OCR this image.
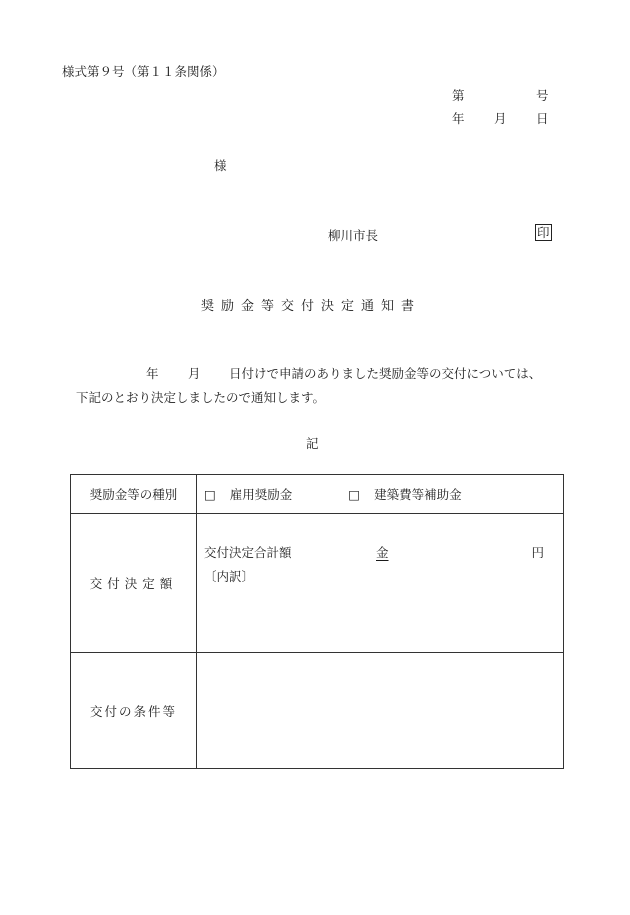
様式第９号（第１１条関係）
第	号
年 月 日
様
柳川市長	印
奨励金等交付決定通知書
年 月 日付けで申請のありました奨励金等の交付については、
下記のとおり決定しましたので通知します。
記
奨励金等の種別	□ 雇用奨励金 □ 建築費等補助金
交付決定額	交付決定合計額 金 円
〔内訳〕

交付の条件等	
